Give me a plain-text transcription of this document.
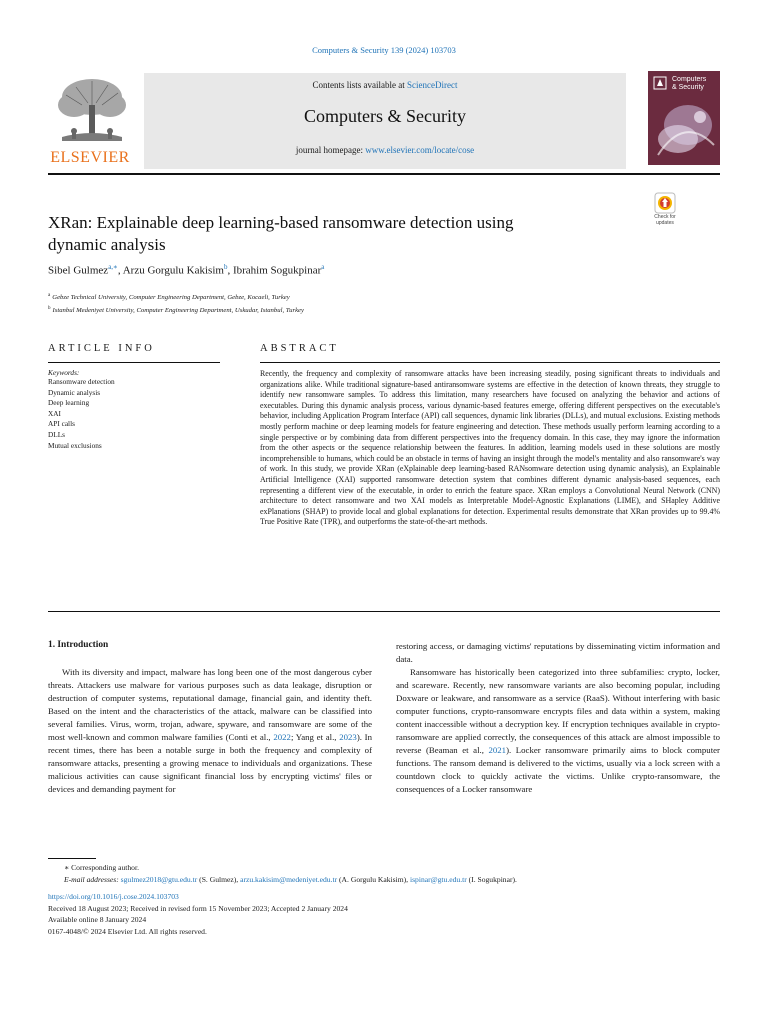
Computers & Security 139 (2024) 103703
ELSEVIER
Contents lists available at ScienceDirect
Computers & Security
journal homepage: www.elsevier.com/locate/cose
Computers
& Security
Check for
updates
XRan: Explainable deep learning-based ransomware detection using
dynamic analysis
Sibel Gulmez$^{a,∗}$, Arzu Gorgulu Kakisim$^b$, Ibrahim Sogukpinar$^a$
$^a$ Gebze Technical University, Computer Engineering Department, Gebze, Kocaeli, Turkey
$^b$ Istanbul Medeniyet University, Computer Engineering Department, Uskudar, Istanbul, Turkey
ARTICLE INFO
Keywords:
Ransomware detection
Dynamic analysis
Deep learning
XAI
API calls
DLLs
Mutual exclusions
ABSTRACT

Recently, the frequency and complexity of ransomware attacks have been increasing steadily, posing significant threats to individuals and organizations alike. While traditional signature-based antiransomware systems are effective in the detection of known threats, they struggle to identify new ransomware samples. To address this limitation, many researchers have focused on analyzing the behavior and actions of executables. During this dynamic analysis process, various dynamic-based features emerge, offering different perspectives on the executable's behavior, including Application Program Interface (API) call sequences, dynamic link libraries (DLLs), and mutual exclusions. Existing methods mostly perform machine or deep learning models for feature engineering and detection. These methods usually perform learning according to a single perspective or by combining data from different perspectives into the frequency domain. In this case, they may ignore the information from the other aspects or the sequence relationship between the features. In addition, learning models used in these solutions are mostly incomprehensible to humans, which could be an obstacle in terms of having an insight through the model's mentality and also ransomware's way of work. In this study, we provide XRan (eXplainable deep learning-based RANsomware detection using dynamic analysis), an Explainable Artificial Intelligence (XAI) supported ransomware detection system that combines different dynamic analysis-based sequences, each representing a different view of the executable, in order to enrich the feature space. XRan employs a Convolutional Neural Network (CNN) architecture to detect ransomware and two XAI models as Interpretable Model-Agnostic Explanations (LIME), and SHapley Additive exPlanations (SHAP) to provide local and global explanations for detection. Experimental results demonstrate that XRan provides up to 99.4% True Positive Rate (TPR), and outperforms the state-of-the-art methods.

1. Introduction

With its diversity and impact, malware has long been one of the most dangerous cyber threats. Attackers use malware for various purposes such as data leakage, disruption or destruction of computer systems, reputational damage, financial gain, and identity theft. Based on the intent and the characteristics of the attack, malware can be classified into several families. Virus, worm, trojan, adware, spyware, and ransomware are some of the most well-known and common malware families (Conti et al., 2022; Yang et al., 2023). In recent times, there has been a notable surge in both the frequency and complexity of ransomware attacks, presenting a growing menace to individuals and organizations. These malicious activities can cause significant financial loss by encrypting victims' files or devices and demanding payment for

restoring access, or damaging victims' reputations by disseminating victim information and data.

Ransomware has historically been categorized into three subfamilies: crypto, locker, and scareware. Recently, new ransomware variants are also becoming popular, including Doxware or leakware, and ransomware as a service (RaaS). Without interfering with basic computer functions, crypto-ransomware encrypts files and data within a system, making content inaccessible without a decryption key. If encryption techniques available in crypto-ransomware are applied correctly, the consequences of this attack are almost impossible to reverse (Beaman et al., 2021). Locker ransomware primarily aims to block computer functions. The ransom demand is delivered to the victims, usually via a lock screen with a countdown clock to quickly activate the victims. Unlike crypto-ransomware, the consequences of a Locker ransomware

∗ Corresponding author.
E-mail addresses: sgulmez2018@gtu.edu.tr (S. Gulmez), arzu.kakisim@medeniyet.edu.tr (A. Gorgulu Kakisim), ispinar@gtu.edu.tr (I. Sogukpinar).
https://doi.org/10.1016/j.cose.2024.103703
Received 18 August 2023; Received in revised form 15 November 2023; Accepted 2 January 2024
Available online 8 January 2024
0167-4048/© 2024 Elsevier Ltd. All rights reserved.
